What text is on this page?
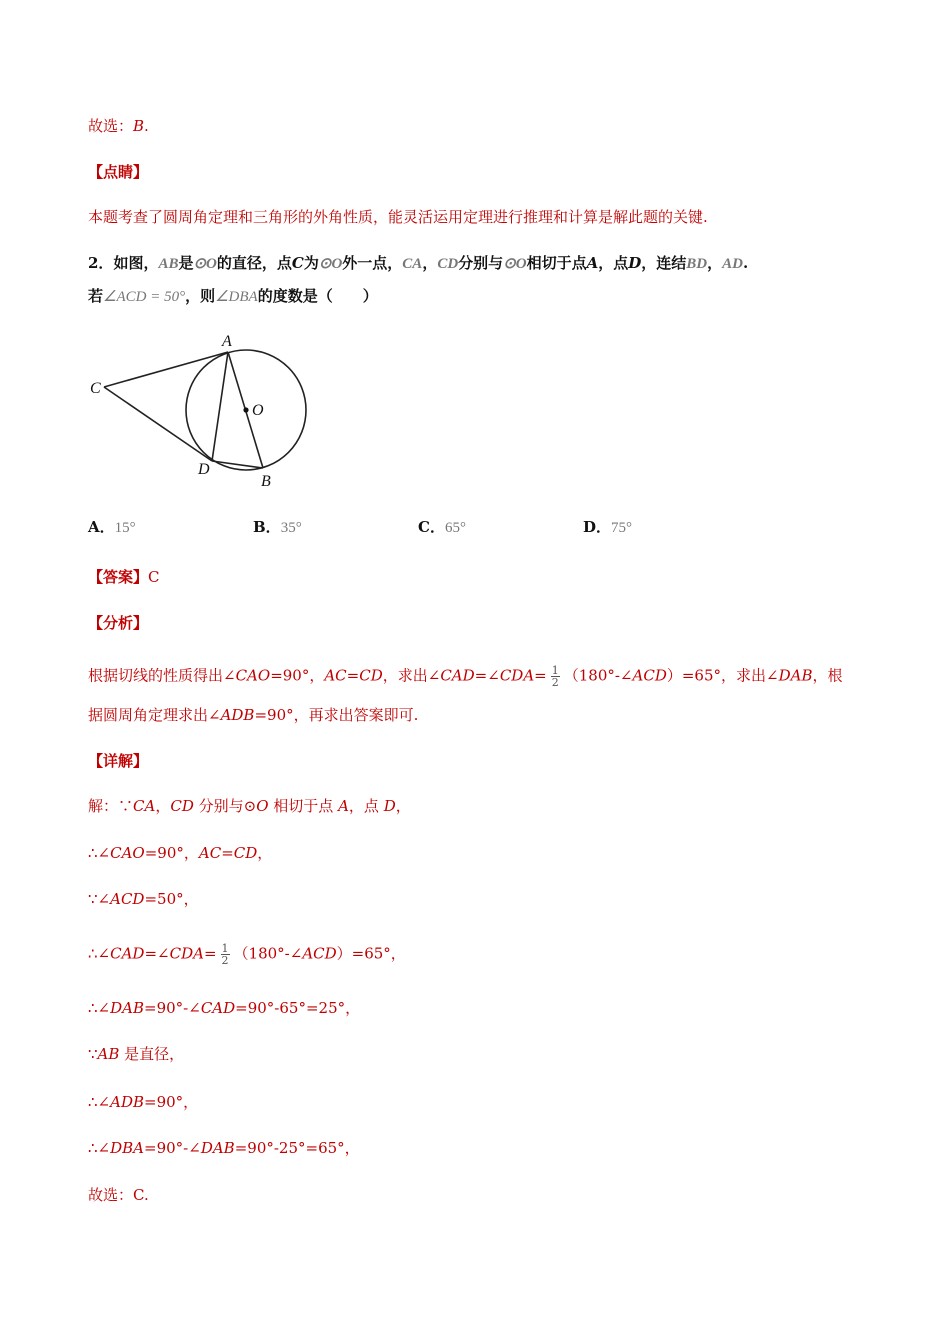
故选：B.
【点睛】
本题考查了圆周角定理和三角形的外角性质，能灵活运用定理进行推理和计算是解此题的关键.
2．如图，AB是⊙O的直径，点C为⊙O外一点，CA，CD分别与⊙O相切于点A，点D，连结BD，AD.
若∠ACD = 50°，则∠DBA的度数是（　　）
A
C
O
D
B
A．15°	B．35°	C．65°	D．75°
【答案】C
【分析】
根据切线的性质得出∠CAO=90°，AC=CD，求出∠CAD=∠CDA= $\frac{1}{2}$ （180°-∠ACD）=65°，求出∠DAB，根
据圆周角定理求出∠ADB=90°，再求出答案即可.
【详解】
解：∵CA，CD 分别与⊙O 相切于点 A，点 D，
∴∠CAO=90°，AC=CD，
∵∠ACD=50°，
∴∠CAD=∠CDA= $\frac{1}{2}$ （180°-∠ACD）=65°，
∴∠DAB=90°-∠CAD=90°-65°=25°，
∵AB 是直径，
∴∠ADB=90°，
∴∠DBA=90°-∠DAB=90°-25°=65°，
故选：C.
